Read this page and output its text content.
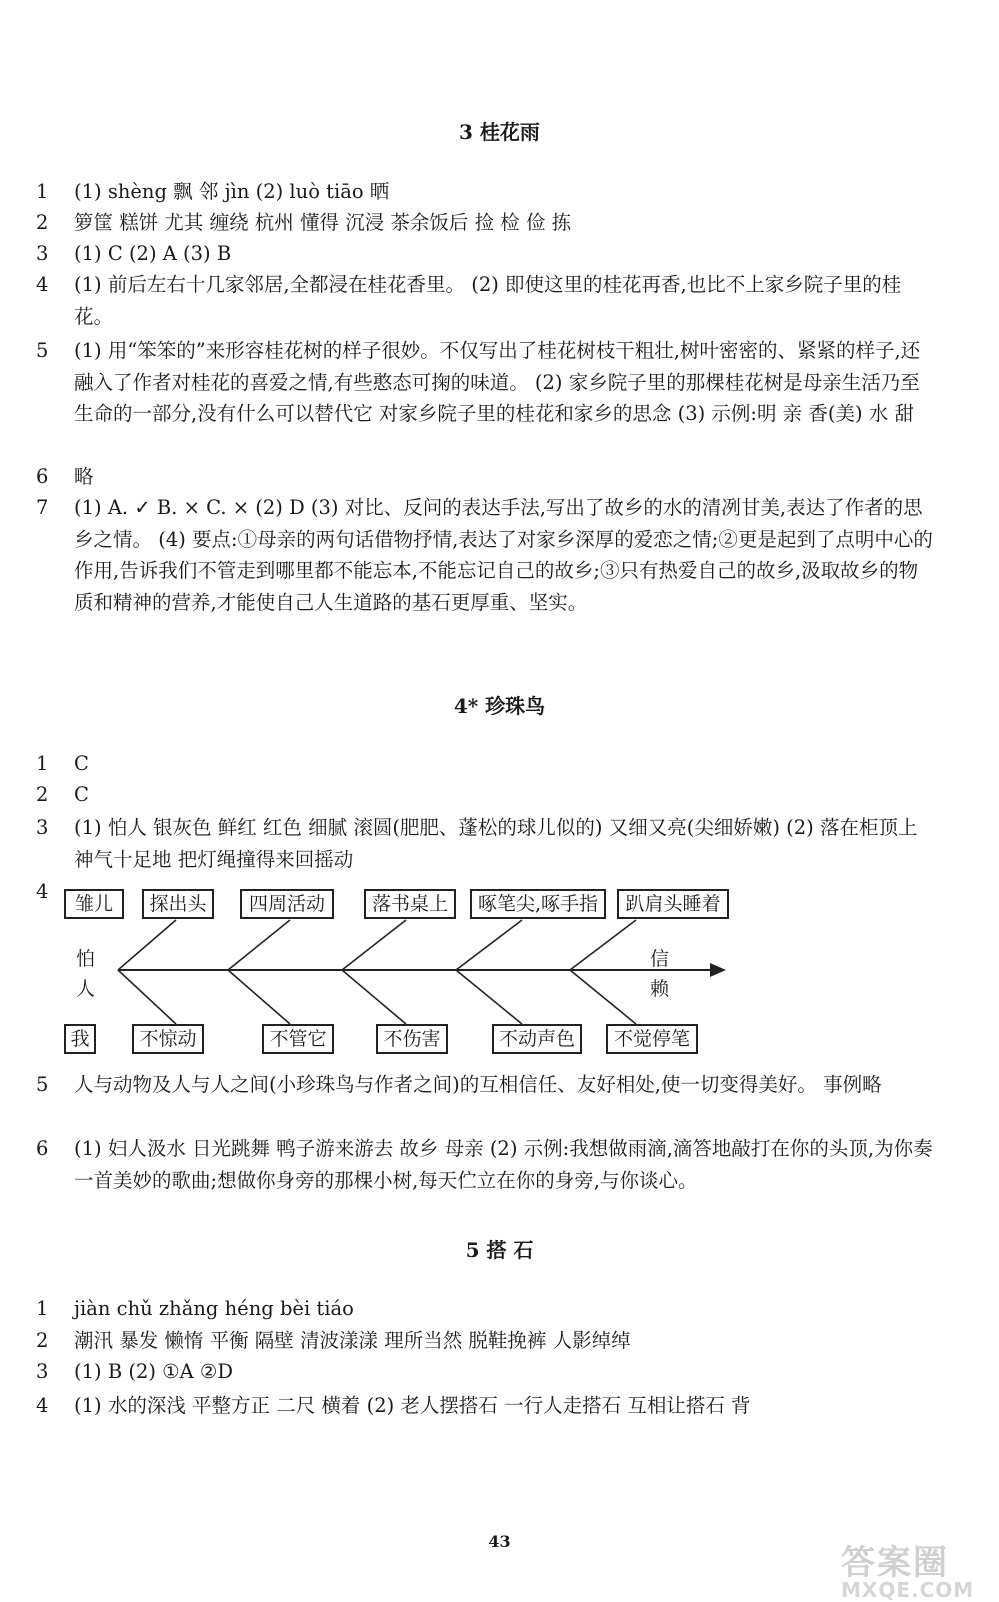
3 桂花雨
1 (1) shèng 飘 邻 jìn (2) luò tiāo 晒
2 箩筐 糕饼 尤其 缠绕 杭州 懂得 沉浸 茶余饭后 捡 检 俭 拣
3 (1) C (2) A (3) B
4 (1) 前后左右十几家邻居,全都浸在桂花香里。 (2) 即使这里的桂花再香,也比不上家乡院子里的桂花。
5 (1) 用“笨笨的”来形容桂花树的样子很妙。不仅写出了桂花树枝干粗壮,树叶密密的、紧紧的样子,还融入了作者对桂花的喜爱之情,有些憨态可掬的味道。 (2) 家乡院子里的那棵桂花树是母亲生活乃至生命的一部分,没有什么可以替代它 对家乡院子里的桂花和家乡的思念 (3) 示例:明 亲 香(美) 水 甜
6 略
7 (1) A. ✓ B. × C. × (2) D (3) 对比、反问的表达手法,写出了故乡的水的清冽甘美,表达了作者的思乡之情。 (4) 要点:①母亲的两句话借物抒情,表达了对家乡深厚的爱恋之情;②更是起到了点明中心的作用,告诉我们不管走到哪里都不能忘本,不能忘记自己的故乡;③只有热爱自己的故乡,汲取故乡的物质和精神的营养,才能使自己人生道路的基石更厚重、坚实。
4* 珍珠鸟
1 C
2 C
3 (1) 怕人 银灰色 鲜红 红色 细腻 滚圆(肥肥、蓬松的球儿似的) 又细又亮(尖细娇嫩) (2) 落在柜顶上 神气十足地 把灯绳撞得来回摇动
4
雏儿	探出头	四周活动	落书桌上	啄笔尖,啄手指	趴肩头睡着
我	不惊动	不管它	不伤害	不动声色	不觉停笔
怕
人
信
赖
5 人与动物及人与人之间(小珍珠鸟与作者之间)的互相信任、友好相处,使一切变得美好。 事例略
6 (1) 妇人汲水 日光跳舞 鸭子游来游去 故乡 母亲 (2) 示例:我想做雨滴,滴答地敲打在你的头顶,为你奏一首美妙的歌曲;想做你身旁的那棵小树,每天伫立在你的身旁,与你谈心。
5 搭 石
1 jiàn chǔ zhǎng héng bèi tiáo
2 潮汛 暴发 懒惰 平衡 隔壁 清波漾漾 理所当然 脱鞋挽裤 人影绰绰
3 (1) B (2) ①A ②D
4 (1) 水的深浅 平整方正 二尺 横着 (2) 老人摆搭石 一行人走搭石 互相让搭石 背
43
答案圈
MXQE.COM
